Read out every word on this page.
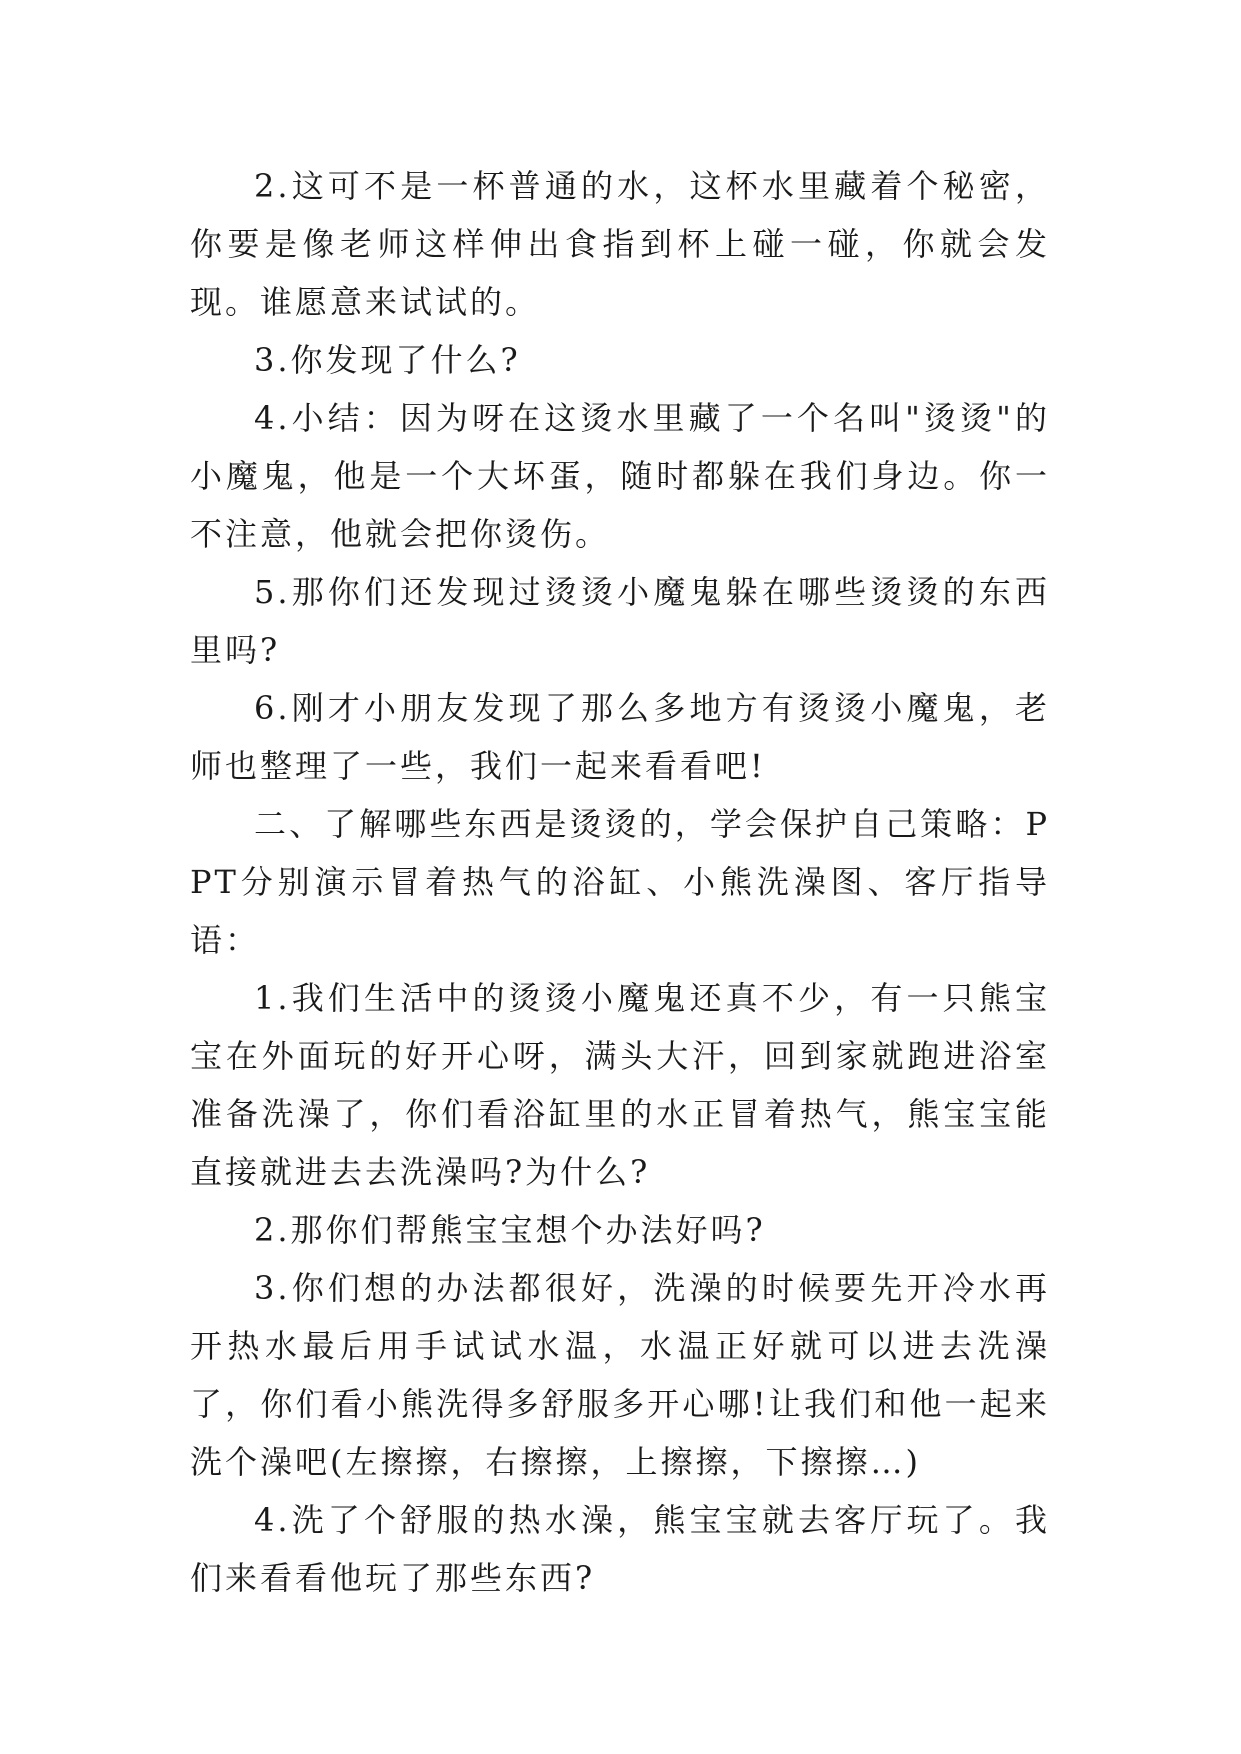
2.这可不是一杯普通的水，这杯水里藏着个秘密，你要是像老师这样伸出食指到杯上碰一碰，你就会发现。谁愿意来试试的。

3.你发现了什么?

4.小结：因为呀在这烫水里藏了一个名叫"烫烫"的小魔鬼，他是一个大坏蛋，随时都躲在我们身边。你一不注意，他就会把你烫伤。

5.那你们还发现过烫烫小魔鬼躲在哪些烫烫的东西里吗?

6.刚才小朋友发现了那么多地方有烫烫小魔鬼，老师也整理了一些，我们一起来看看吧!

二、了解哪些东西是烫烫的，学会保护自己策略：PPT分别演示冒着热气的浴缸、小熊洗澡图、客厅指导语：

1.我们生活中的烫烫小魔鬼还真不少，有一只熊宝宝在外面玩的好开心呀，满头大汗，回到家就跑进浴室准备洗澡了，你们看浴缸里的水正冒着热气，熊宝宝能直接就进去去洗澡吗?为什么?

2.那你们帮熊宝宝想个办法好吗?

3.你们想的办法都很好，洗澡的时候要先开冷水再开热水最后用手试试水温，水温正好就可以进去洗澡了，你们看小熊洗得多舒服多开心哪!让我们和他一起来洗个澡吧(左擦擦，右擦擦，上擦擦，下擦擦…)

4.洗了个舒服的热水澡，熊宝宝就去客厅玩了。我们来看看他玩了那些东西?
